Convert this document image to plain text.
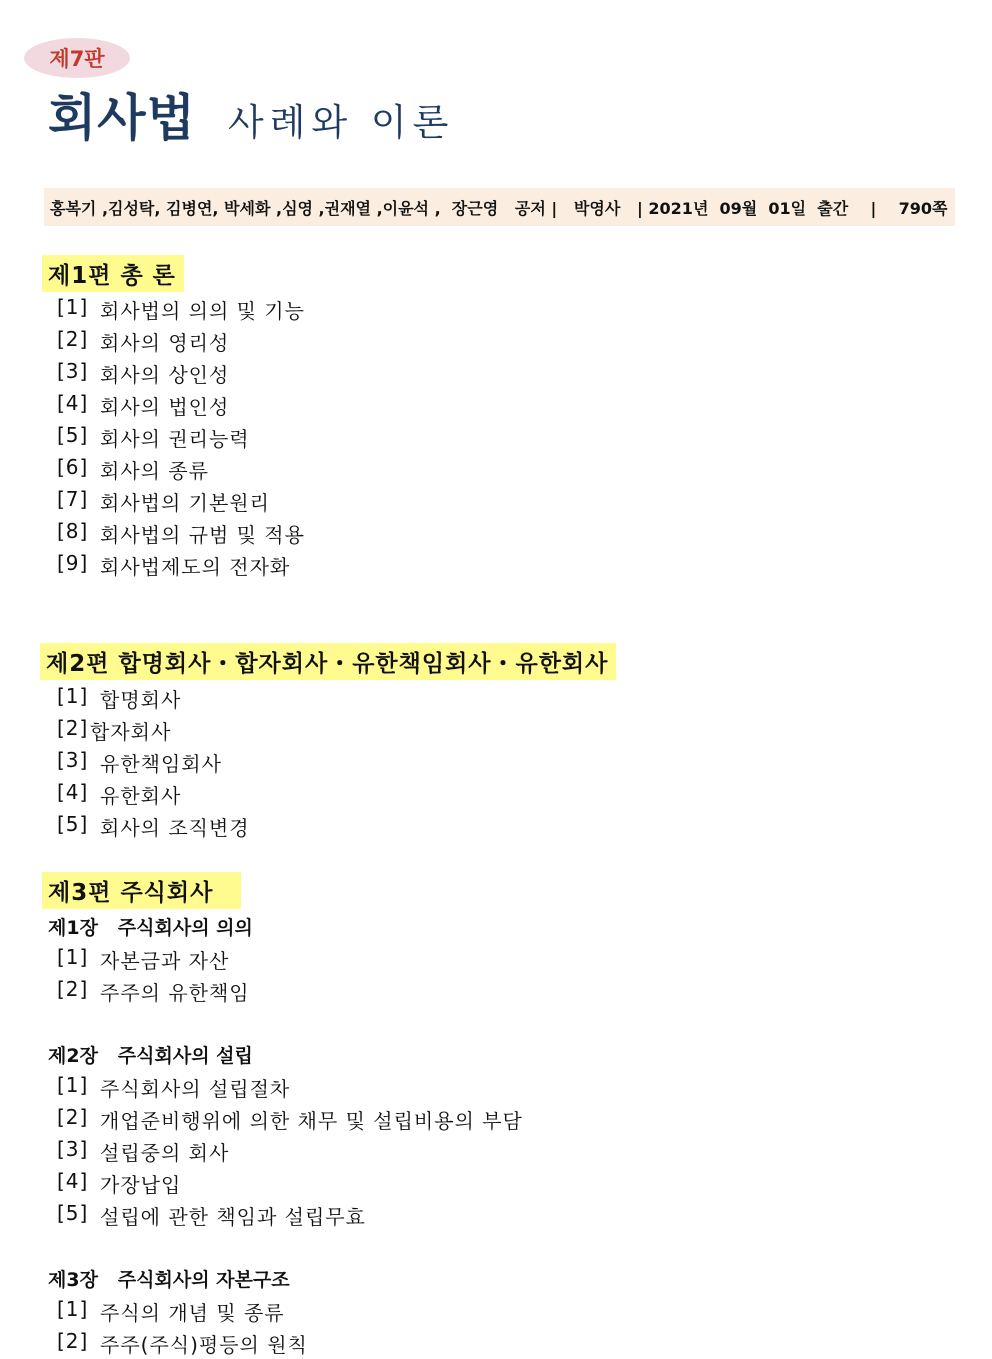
제7판
회사법 사례와 이론
홍복기 ,김성탁, 김병연, 박세화 ,심영 ,권재열 ,이윤석 ,  장근영   공저 |   박영사   | 2021년  09월  01일  출간    |    790쪽
제1편 총 론
[1] 회사법의 의의 및 기능
[2] 회사의 영리성
[3] 회사의 상인성
[4] 회사의 법인성
[5] 회사의 권리능력
[6] 회사의 종류
[7] 회사법의 기본원리
[8] 회사법의 규범 및 적용
[9] 회사법제도의 전자화
제2편 합명회사・합자회사・유한책임회사・유한회사
[1] 합명회사
[2] 합자회사
[3] 유한책임회사
[4] 유한회사
[5] 회사의 조직변경
제3편 주식회사
제1장   주식회사의 의의
[1] 자본금과 자산
[2] 주주의 유한책임
제2장   주식회사의 설립
[1] 주식회사의 설립절차
[2] 개업준비행위에 의한 채무 및 설립비용의 부담
[3] 설립중의 회사
[4] 가장납입
[5] 설립에 관한 책임과 설립무효
제3장   주식회사의 자본구조
[1] 주식의 개념 및 종류
[2] 주주(주식)평등의 원칙
